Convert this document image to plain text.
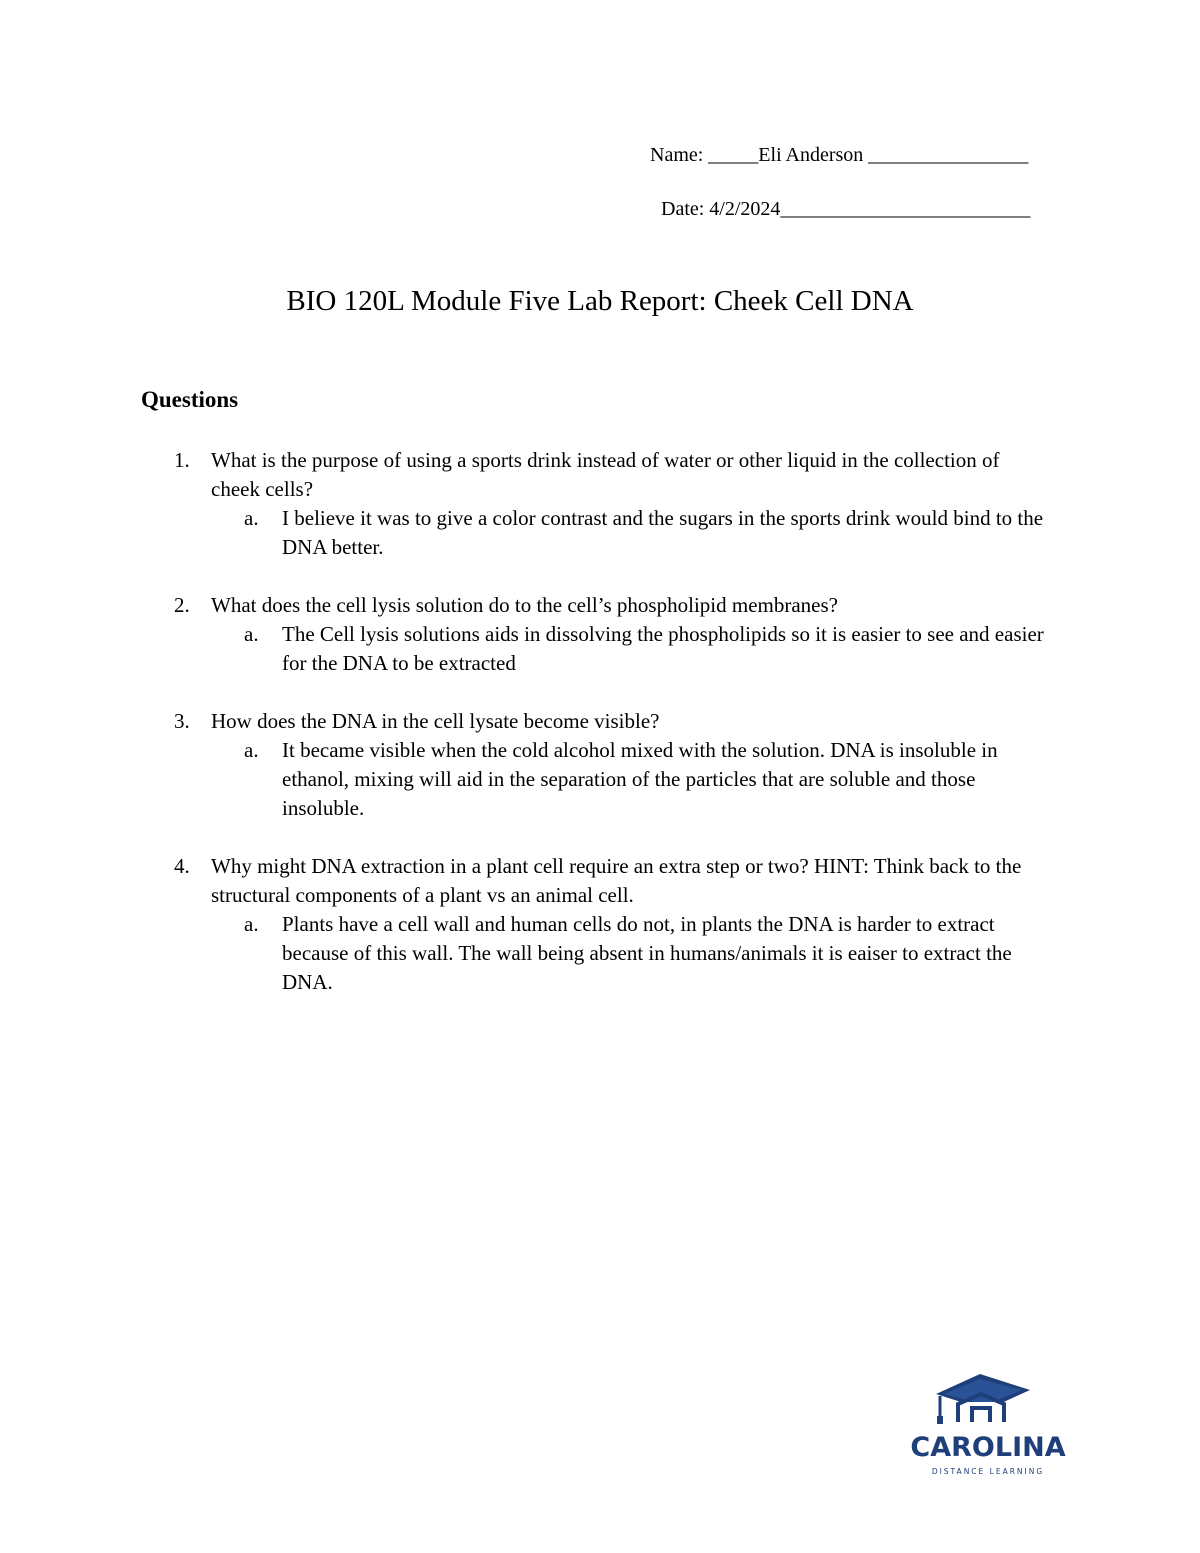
Name: _____Eli Anderson ________________
Date: 4/2/2024_________________________
BIO 120L Module Five Lab Report: Cheek Cell DNA
Questions
1. What is the purpose of using a sports drink instead of water or other liquid in the collection of cheek cells?
a. I believe it was to give a color contrast and the sugars in the sports drink would bind to the DNA better.
2. What does the cell lysis solution do to the cell’s phospholipid membranes?
a. The Cell lysis solutions aids in dissolving the phospholipids so it is easier to see and easier for the DNA to be extracted
3. How does the DNA in the cell lysate become visible?
a. It became visible when the cold alcohol mixed with the solution. DNA is insoluble in ethanol, mixing will aid in the separation of the particles that are soluble and those insoluble.
4. Why might DNA extraction in a plant cell require an extra step or two? HINT: Think back to the structural components of a plant vs an animal cell.
a. Plants have a cell wall and human cells do not, in plants the DNA is harder to extract because of this wall. The wall being absent in humans/animals it is eaiser to extract the DNA.
CAROLINA
DISTANCE LEARNING
